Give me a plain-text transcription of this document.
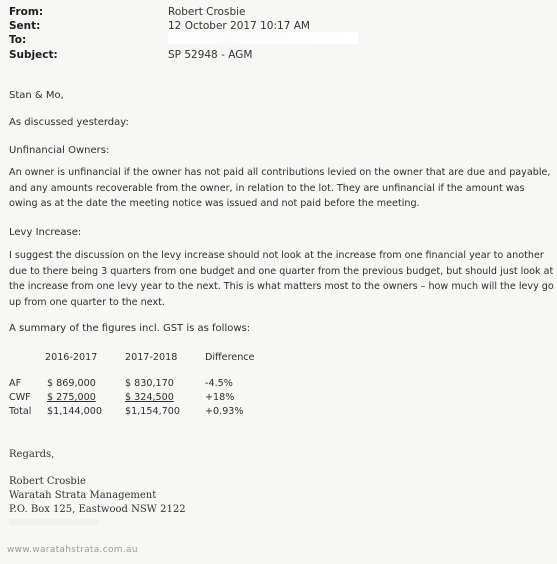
From:	Robert Crosbie
Sent:	12 October 2017 10:17 AM
To:
Subject:	SP 52948 - AGM
Stan & Mo,
As discussed yesterday:
Unfinancial Owners:
An owner is unfinancial if the owner has not paid all contributions levied on the owner that are due and payable, and any amounts recoverable from the owner, in relation to the lot. They are unfinancial if the amount was owing as at the date the meeting notice was issued and not paid before the meeting.
Levy Increase:
I suggest the discussion on the levy increase should not look at the increase from one financial year to another due to there being 3 quarters from one budget and one quarter from the previous budget, but should just look at the increase from one levy year to the next. This is what matters most to the owners – how much will the levy go up from one quarter to the next.
A summary of the figures incl. GST is as follows:
2016-2017	2017-2018	Difference
AF	$ 869,000	$ 830,170	-4.5%
CWF $ 275,000	$ 324,500	+18%
Total $1,144,000 $1,154,700	+0.93%
Regards,
Robert Crosbie
Waratah Strata Management
P.O. Box 125, Eastwood NSW 2122
www.waratahstrata.com.au
